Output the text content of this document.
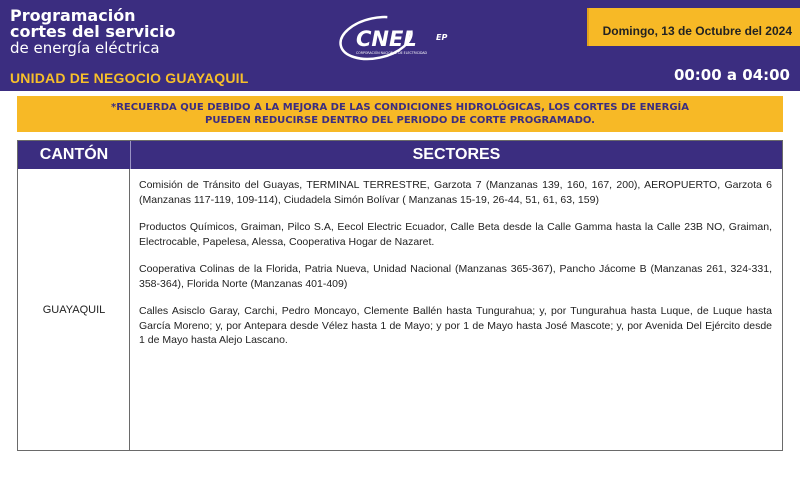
Programación
cortes del servicio
de energía eléctrica
UNIDAD DE NEGOCIO GUAYAQUIL
CNEL EP
CORPORACIÓN NACIONAL DE ELECTRICIDAD
Domingo, 13 de Octubre del 2024
00:00 a 04:00
*RECUERDA QUE DEBIDO A LA MEJORA DE LAS CONDICIONES HIDROLÓGICAS, LOS CORTES DE ENERGÍA
PUEDEN REDUCIRSE DENTRO DEL PERIODO DE CORTE PROGRAMADO.
CANTÓN	SECTORES
GUAYAQUIL

Comisión de Tránsito del Guayas, TERMINAL TERRESTRE, Garzota 7 (Manzanas 139, 160, 167, 200), AEROPUERTO, Garzota 6 (Manzanas 117-119, 109-114), Ciudadela Simón Bolívar ( Manzanas 15-19, 26-44, 51, 61, 63, 159)

Productos Químicos, Graiman, Pilco S.A, Eecol Electric Ecuador, Calle Beta desde la Calle Gamma hasta la Calle 23B NO, Graiman, Electrocable, Papelesa, Alessa, Cooperativa Hogar de Nazaret.

Cooperativa Colinas de la Florida, Patria Nueva, Unidad Nacional (Manzanas 365-367), Pancho Jácome B (Manzanas 261, 324-331, 358-364), Florida Norte (Manzanas 401-409)

Calles Asisclo Garay, Carchi, Pedro Moncayo, Clemente Ballén hasta Tungurahua; y, por Tungurahua hasta Luque, de Luque hasta García Moreno; y, por Antepara desde Vélez hasta 1 de Mayo; y por 1 de Mayo hasta José Mascote; y, por Avenida Del Ejército desde 1 de Mayo hasta Alejo Lascano.
